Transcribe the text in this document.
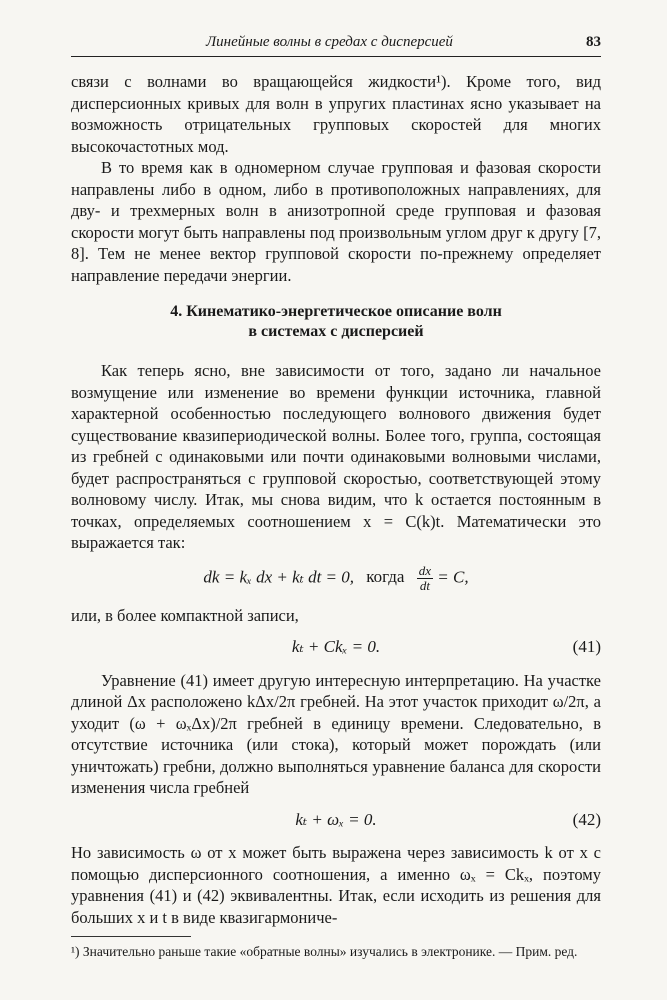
Линейные волны в средах с дисперсией	83

связи с волнами во вращающейся жидкости¹). Кроме того, вид дисперсионных кривых для волн в упругих пластинах ясно указывает на возможность отрицательных групповых скоростей для многих высокочастотных мод.

В то время как в одномерном случае групповая и фазовая скорости направлены либо в одном, либо в противоположных направлениях, для дву- и трехмерных волн в анизотропной среде групповая и фазовая скорости могут быть направлены под произвольным углом друг к другу [7, 8]. Тем не менее вектор групповой скорости по-прежнему определяет направление передачи энергии.

4. Кинематико-энергетическое описание волн
в системах с дисперсией

Как теперь ясно, вне зависимости от того, задано ли начальное возмущение или изменение во времени функции источника, главной характерной особенностью последующего волнового движения будет существование квазипериодической волны. Более того, группа, состоящая из гребней с одинаковыми или почти одинаковыми волновыми числами, будет распространяться с групповой скоростью, соответствующей этому волновому числу. Итак, мы снова видим, что k остается постоянным в точках, определяемых соотношением x = C(k)t. Математически это выражается так:

dk = kₓ dx + kₜ dt = 0, когда $\frac{dx}{dt} = C$,

или, в более компактной записи,

kₜ + Ckₓ = 0.	(41)

Уравнение (41) имеет другую интересную интерпретацию. На участке длиной Δx расположено kΔx/2π гребней. На этот участок приходит ω/2π, а уходит (ω + ωₓΔx)/2π гребней в единицу времени. Следовательно, в отсутствие источника (или стока), который может порождать (или уничтожать) гребни, должно выполняться уравнение баланса для скорости изменения числа гребней

kₜ + ωₓ = 0.	(42)

Но зависимость ω от x может быть выражена через зависимость k от x с помощью дисперсионного соотношения, а именно ωₓ = Ckₓ, поэтому уравнения (41) и (42) эквивалентны. Итак, если исходить из решения для больших x и t в виде квазигармониче-

¹) Значительно раньше такие «обратные волны» изучались в электронике. — Прим. ред.
